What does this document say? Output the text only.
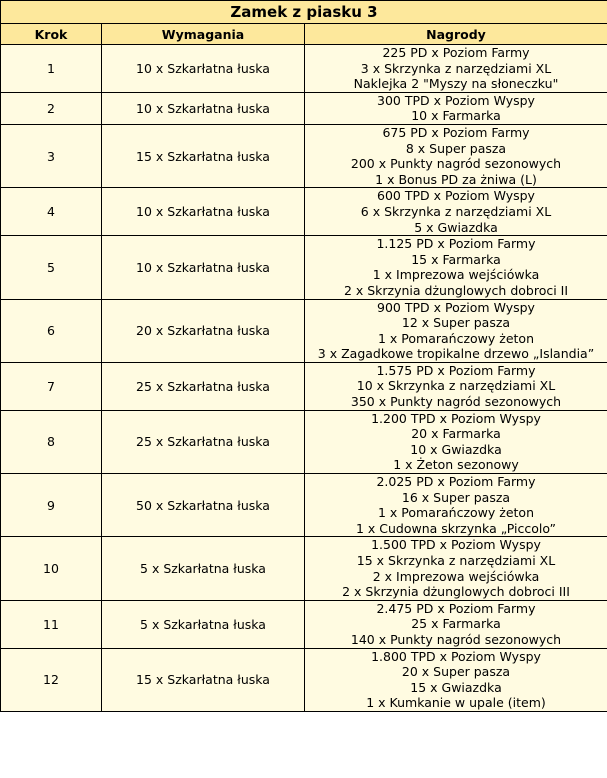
Zamek z piasku 3		
Krok	Wymagania	Nagrody
1	10 x Szkarłatna łuska	225 PD x Poziom Farmy
3 x Skrzynka z narzędziami XL
Naklejka 2 "Myszy na słoneczku"

2	10 x Szkarłatna łuska	300 TPD x Poziom Wyspy
10 x Farmarka

3	15 x Szkarłatna łuska	675 PD x Poziom Farmy
8 x Super pasza
200 x Punkty nagród sezonowych
1 x Bonus PD za żniwa (L)

4	10 x Szkarłatna łuska	600 TPD x Poziom Wyspy
6 x Skrzynka z narzędziami XL
5 x Gwiazdka

5	10 x Szkarłatna łuska	1.125 PD x Poziom Farmy
15 x Farmarka
1 x Imprezowa wejściówka
2 x Skrzynia dżunglowych dobroci II

6	20 x Szkarłatna łuska	900 TPD x Poziom Wyspy
12 x Super pasza
1 x Pomarańczowy żeton
3 x Zagadkowe tropikalne drzewo „Islandia”

7	25 x Szkarłatna łuska	1.575 PD x Poziom Farmy
10 x Skrzynka z narzędziami XL
350 x Punkty nagród sezonowych

8	25 x Szkarłatna łuska	1.200 TPD x Poziom Wyspy
20 x Farmarka
10 x Gwiazdka
1 x Żeton sezonowy

9	50 x Szkarłatna łuska	2.025 PD x Poziom Farmy
16 x Super pasza
1 x Pomarańczowy żeton
1 x Cudowna skrzynka „Piccolo”

10	5 x Szkarłatna łuska	1.500 TPD x Poziom Wyspy
15 x Skrzynka z narzędziami XL
2 x Imprezowa wejściówka
2 x Skrzynia dżunglowych dobroci III

11	5 x Szkarłatna łuska	2.475 PD x Poziom Farmy
25 x Farmarka
140 x Punkty nagród sezonowych

12	15 x Szkarłatna łuska	1.800 TPD x Poziom Wyspy
20 x Super pasza
15 x Gwiazdka
1 x Kumkanie w upale (item)
